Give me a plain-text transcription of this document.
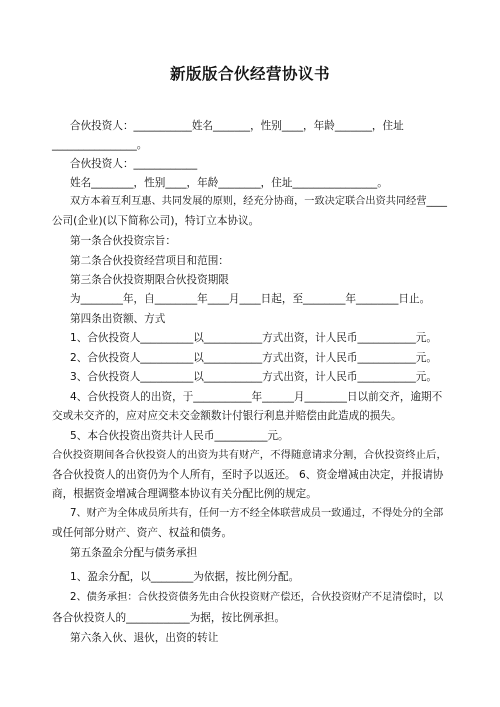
新版版合伙经营协议书
合伙投资人：___________姓名_______，性别____，年龄_______，住址
________________。
合伙投资人：____________
姓名________，性别____，年龄________，住址________________。
双方本着互利互惠、共同发展的原则，经充分协商，一致决定联合出资共同经营____
公司(企业)(以下简称公司)，特订立本协议。
第一条合伙投资宗旨：
第二条合伙投资经营项目和范围：
第三条合伙投资期限合伙投资期限
为________年，自________年____月____日起，至________年________日止。
第四条出资额、方式
1、合伙投资人__________以___________方式出资，计人民币___________元。
2、合伙投资人__________以___________方式出资，计人民币___________元。
3、合伙投资人__________以___________方式出资，计人民币___________元。
4、合伙投资人的出资，于___________年______月________日以前交齐，逾期不
交或未交齐的，应对应交未交金额数计付银行利息并赔偿由此造成的损失。
5、本合伙投资出资共计人民币__________元。
合伙投资期间各合伙投资人的出资为共有财产，不得随意请求分割，合伙投资终止后，
各合伙投资人的出资仍为个人所有，至时予以返还。 6、资金增减由决定，并报请协
商，根据资金增减合理调整本协议有关分配比例的规定。
7、财产为全体成员所共有，任何一方不经全体联营成员一致通过，不得处分的全部
或任何部分财产、资产、权益和债务。
第五条盈余分配与债务承担
1、盈余分配，以________为依据，按比例分配。
2、债务承担：合伙投资债务先由合伙投资财产偿还，合伙投资财产不足清偿时，以
各合伙投资人的____________为据，按比例承担。
第六条入伙、退伙，出资的转让
